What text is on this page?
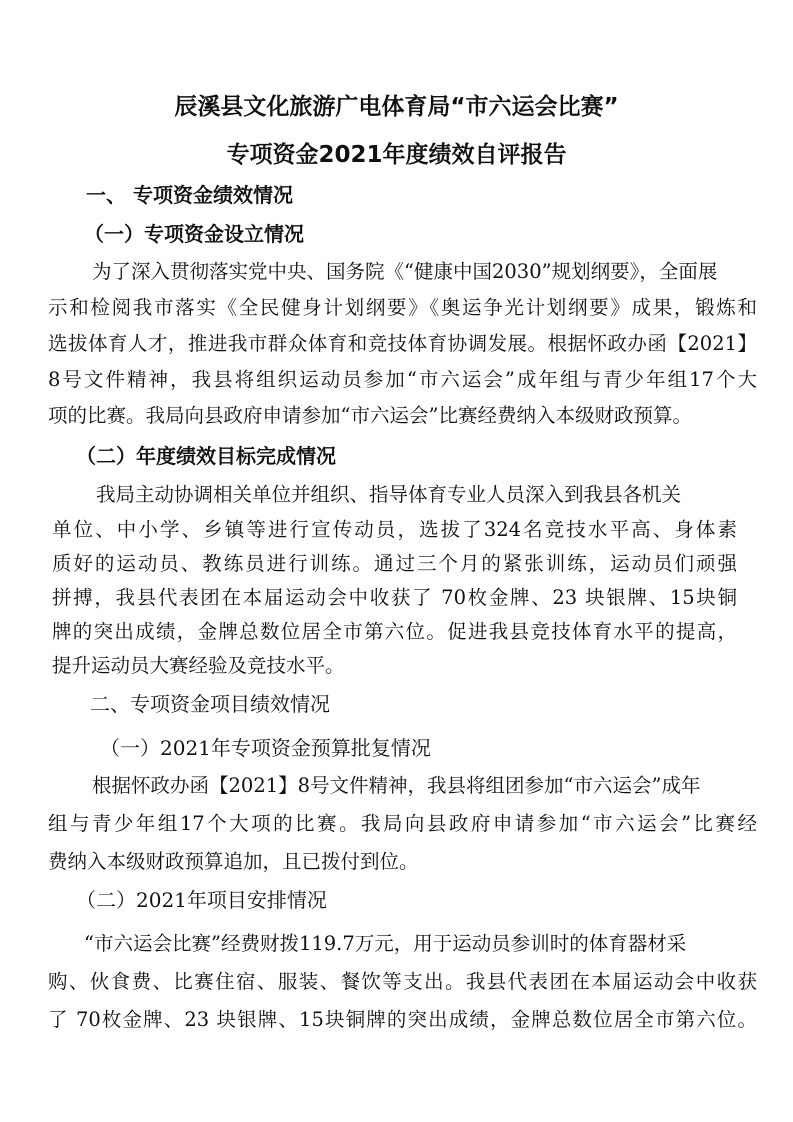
辰溪县文化旅游广电体育局“市六运会比赛”
专项资金2021年度绩效自评报告
一、 专项资金绩效情况
（一）专项资金设立情况
为了深入贯彻落实党中央、国务院《“健康中国2030”规划纲要》，全面展
示和检阅我市落实《全民健身计划纲要》《奥运争光计划纲要》成果，锻炼和
选拔体育人才，推进我市群众体育和竞技体育协调发展。根据怀政办函【2021】
8号文件精神，我县将组织运动员参加“市六运会”成年组与青少年组17个大
项的比赛。我局向县政府申请参加“市六运会”比赛经费纳入本级财政预算。
（二）年度绩效目标完成情况
我局主动协调相关单位并组织、指导体育专业人员深入到我县各机关
单位、中小学、乡镇等进行宣传动员，选拔了324名竞技水平高、身体素
质好的运动员、教练员进行训练。通过三个月的紧张训练，运动员们顽强
拼搏，我县代表团在本届运动会中收获了 70枚金牌、23 块银牌、15块铜
牌的突出成绩，金牌总数位居全市第六位。促进我县竞技体育水平的提高，
提升运动员大赛经验及竞技水平。
二、专项资金项目绩效情况
（一）2021年专项资金预算批复情况
根据怀政办函【2021】8号文件精神，我县将组团参加“市六运会”成年
组与青少年组17个大项的比赛。我局向县政府申请参加“市六运会”比赛经
费纳入本级财政预算追加，且已拨付到位。
（二）2021年项目安排情况
“市六运会比赛”经费财拨119.7万元，用于运动员参训时的体育器材采
购、伙食费、比赛住宿、服装、餐饮等支出。我县代表团在本届运动会中收获
了 70枚金牌、23 块银牌、15块铜牌的突出成绩，金牌总数位居全市第六位。
